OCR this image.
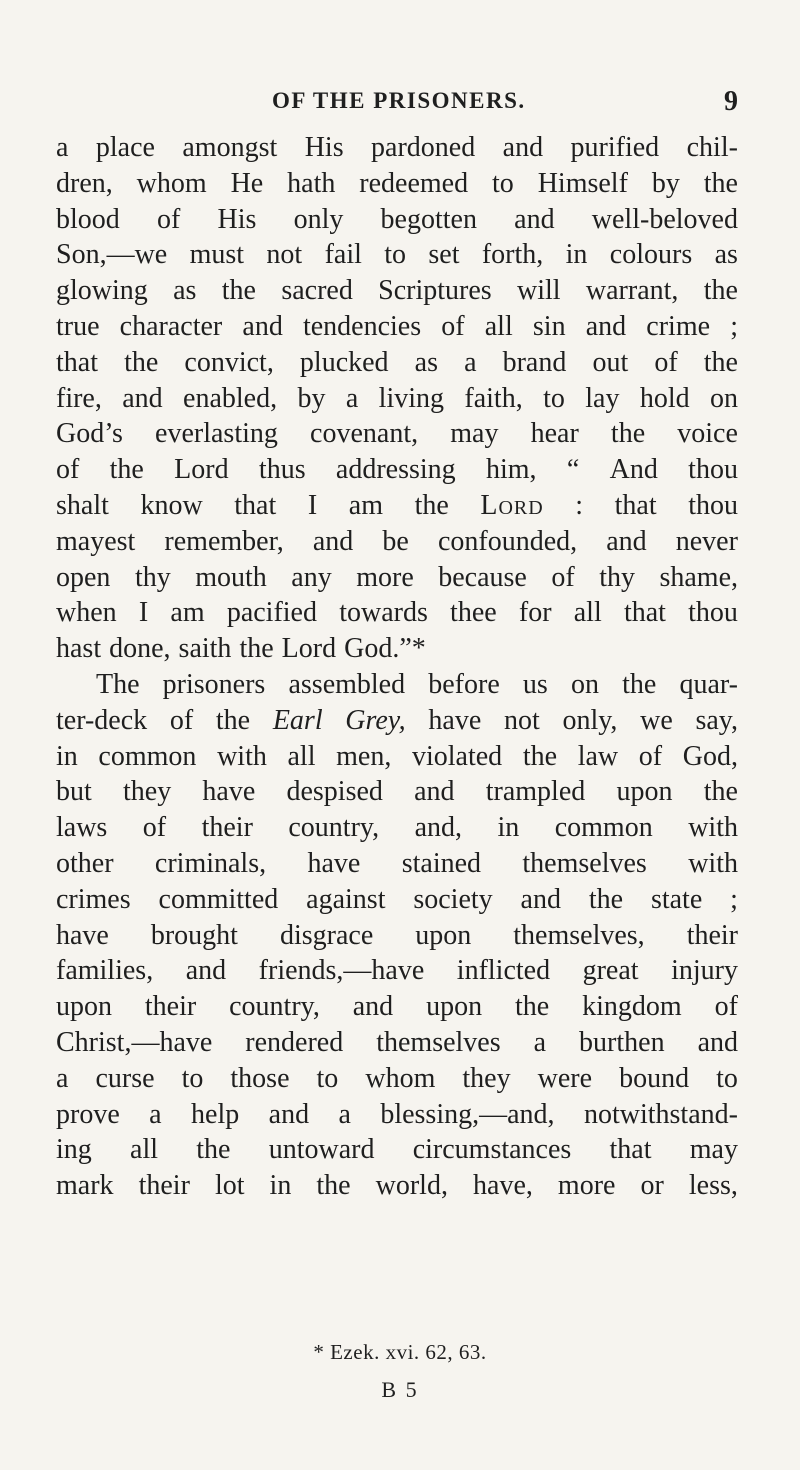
OF THE PRISONERS.	9
a place amongst His pardoned and purified chil-
dren, whom He hath redeemed to Himself by the
blood of His only begotten and well-beloved
Son,—we must not fail to set forth, in colours as
glowing as the sacred Scriptures will warrant, the
true character and tendencies of all sin and crime ;
that the convict, plucked as a brand out of the
fire, and enabled, by a living faith, to lay hold on
God’s everlasting covenant, may hear the voice
of the Lord thus addressing him, “ And thou
shalt know that I am the Lord : that thou
mayest remember, and be confounded, and never
open thy mouth any more because of thy shame,
when I am pacified towards thee for all that thou
hast done, saith the Lord God.”*
The prisoners assembled before us on the quar-
ter-deck of the Earl Grey, have not only, we say,
in common with all men, violated the law of God,
but they have despised and trampled upon the
laws of their country, and, in common with
other criminals, have stained themselves with
crimes committed against society and the state ;
have brought disgrace upon themselves, their
families, and friends,—have inflicted great injury
upon their country, and upon the kingdom of
Christ,—have rendered themselves a burthen and
a curse to those to whom they were bound to
prove a help and a blessing,—and, notwithstand-
ing all the untoward circumstances that may
mark their lot in the world, have, more or less,
* Ezek. xvi. 62, 63.
B 5
